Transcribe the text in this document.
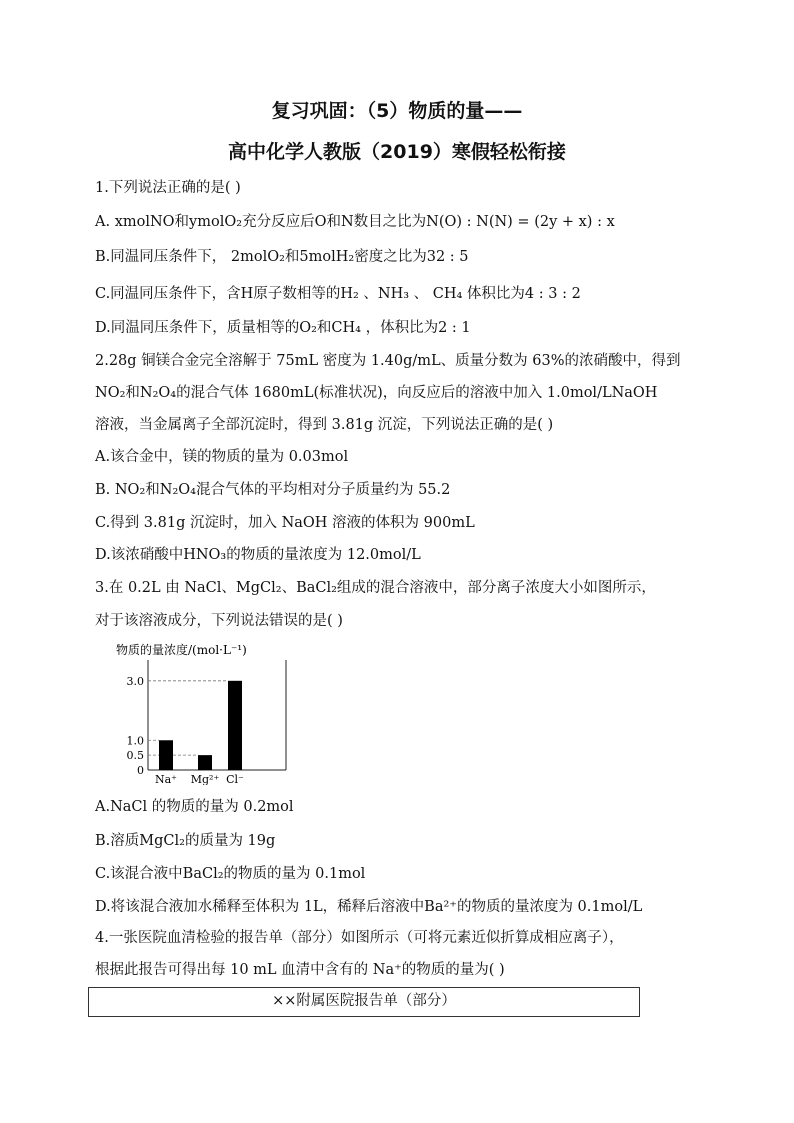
复习巩固：（5）物质的量——
高中化学人教版（2019）寒假轻松衔接
1.下列说法正确的是( )
A. xmolNO和ymolO₂充分反应后O和N数目之比为N(O) : N(N) = (2y + x) : x
B.同温同压条件下， 2molO₂和5molH₂密度之比为32 : 5
C.同温同压条件下，含H原子数相等的H₂ 、NH₃ 、 CH₄ 体积比为4 : 3 : 2
D.同温同压条件下，质量相等的O₂和CH₄ ，体积比为2 : 1
2.28g 铜镁合金完全溶解于 75mL 密度为 1.40g/mL、质量分数为 63%的浓硝酸中，得到
NO₂和N₂O₄的混合气体 1680mL(标准状况)，向反应后的溶液中加入 1.0mol/LNaOH
溶液，当金属离子全部沉淀时，得到 3.81g 沉淀，下列说法正确的是( )
A.该合金中，镁的物质的量为 0.03mol
B. NO₂和N₂O₄混合气体的平均相对分子质量约为 55.2
C.得到 3.81g 沉淀时，加入 NaOH 溶液的体积为 900mL
D.该浓硝酸中HNO₃的物质的量浓度为 12.0mol/L
3.在 0.2L 由 NaCl、MgCl₂、BaCl₂组成的混合溶液中，部分离子浓度大小如图所示，
对于该溶液成分，下列说法错误的是( )
物质的量浓度/(mol·L⁻¹)
3.0
1.0
0.5
0
Na⁺ Mg²⁺ Cl⁻
A.NaCl 的物质的量为 0.2mol
B.溶质MgCl₂的质量为 19g
C.该混合液中BaCl₂的物质的量为 0.1mol
D.将该混合液加水稀释至体积为 1L，稀释后溶液中Ba²⁺的物质的量浓度为 0.1mol/L
4.一张医院血清检验的报告单（部分）如图所示（可将元素近似折算成相应离子），
根据此报告可得出每 10 mL 血清中含有的 Na⁺的物质的量为( )
××附属医院报告单（部分）
